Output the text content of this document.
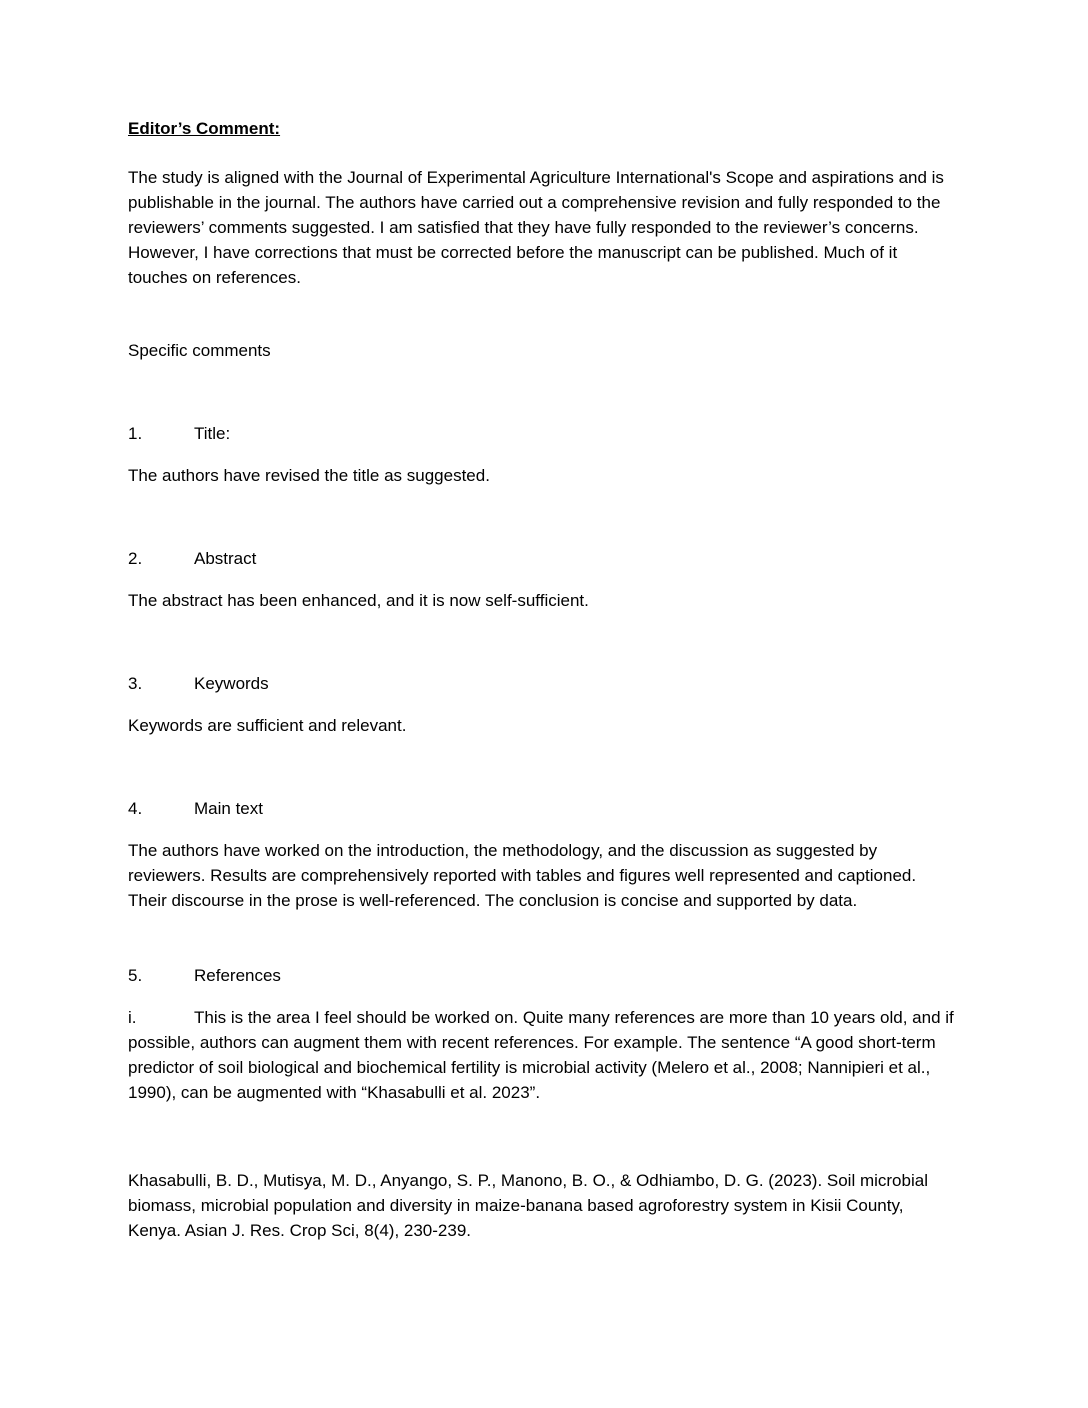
Editor’s Comment:

The study is aligned with the Journal of Experimental Agriculture International's Scope and aspirations and is publishable in the journal. The authors have carried out a comprehensive revision and fully responded to the reviewers’ comments suggested. I am satisfied that they have fully responded to the reviewer’s concerns. However, I have corrections that must be corrected before the manuscript can be published. Much of it touches on references.

Specific comments

1.	Title:

The authors have revised the title as suggested.

2.	Abstract

The abstract has been enhanced, and it is now self-sufficient.

3.	Keywords

Keywords are sufficient and relevant.

4.	Main text

The authors have worked on the introduction, the methodology, and the discussion as suggested by reviewers. Results are comprehensively reported with tables and figures well represented and captioned. Their discourse in the prose is well-referenced. The conclusion is concise and supported by data.

5.	References

i.	This is the area I feel should be worked on. Quite many references are more than 10 years old, and if possible, authors can augment them with recent references. For example. The sentence “A good short-term predictor of soil biological and biochemical fertility is microbial activity (Melero et al., 2008; Nannipieri et al., 1990), can be augmented with “Khasabulli et al. 2023”.

Khasabulli, B. D., Mutisya, M. D., Anyango, S. P., Manono, B. O., & Odhiambo, D. G. (2023). Soil microbial biomass, microbial population and diversity in maize-banana based agroforestry system in Kisii County, Kenya. Asian J. Res. Crop Sci, 8(4), 230-239.
